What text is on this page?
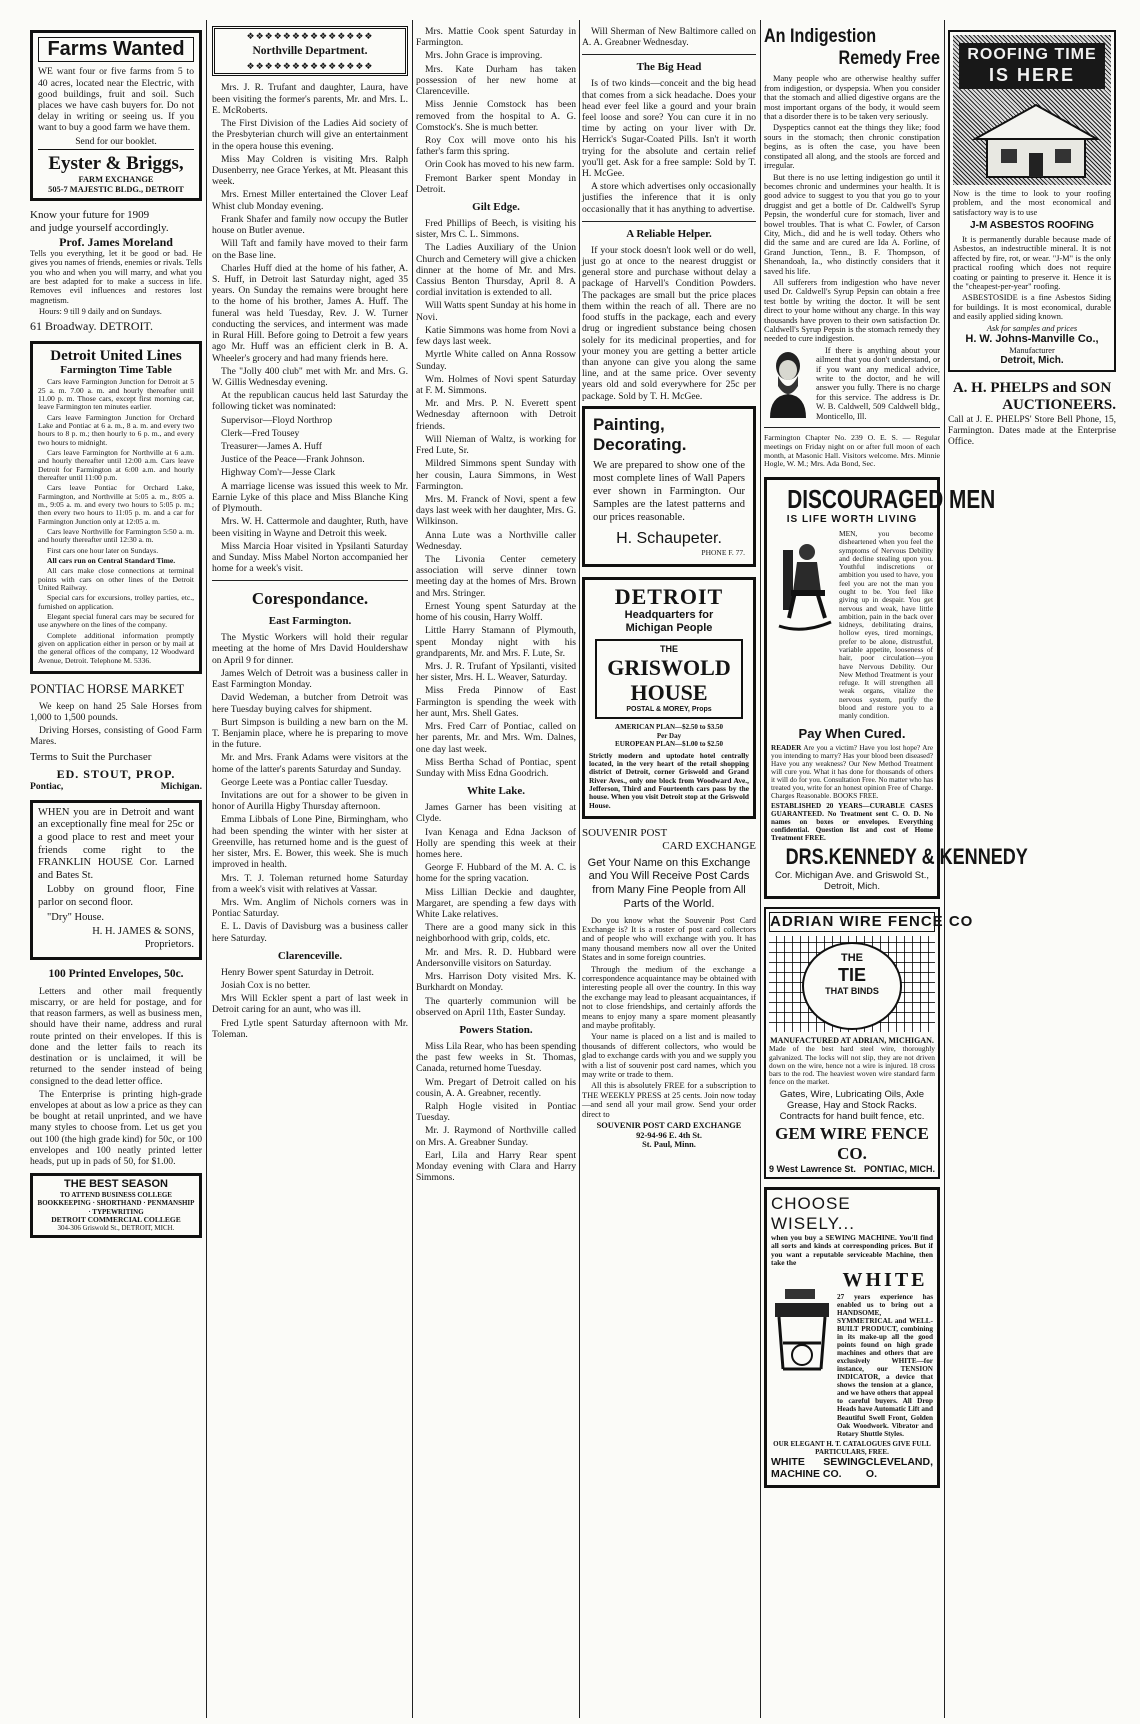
Farms Wanted

WE want four or five farms from 5 to 40 acres, located near the Electric, with good buildings, fruit and soil. Such places we have cash buyers for. Do not delay in writing or seeing us. If you want to buy a good farm we have them.

Send for our booklet.

Eyster & Briggs,
FARM EXCHANGE
505-7 MAJESTIC BLDG., DETROIT
Know your future for 1909
and judge yourself accordingly.
Prof. James Moreland

Tells you everything, let it be good or bad. He gives you names of friends, enemies or rivals. Tells you who and when you will marry, and what you are best adapted for to make a success in life. Removes evil influences and restores lost magnetism.

Hours: 9 till 9 daily and on Sundays.

61 Broadway. DETROIT.
Detroit United Lines
Farmington Time Table

Cars leave Farmington Junction for Detroit at 5 25 a. m. 7.00 a. m. and hourly thereafter until 11.00 p. m. Those cars, except first morning car, leave Farmington ten minutes earlier.

Cars leave Farmington Junction for Orchard Lake and Pontiac at 6 a. m., 8 a. m. and every two hours to 8 p. m.; then hourly to 6 p. m., and every two hours to midnight.

Cars leave Farmington for Northville at 6 a.m. and hourly thereafter until 12:00 a.m. Cars leave Detroit for Farmington at 6:00 a.m. and hourly thereafter until 11:00 p.m.

Cars leave Pontiac for Orchard Lake, Farmington, and Northville at 5:05 a. m., 8:05 a. m., 9:05 a. m. and every two hours to 5:05 p. m.; then every two hours to 11:05 p. m. and a car for Farmington Junction only at 12:05 a. m.

Cars leave Northville for Farmington 5:50 a. m. and hourly thereafter until 12:30 a. m.

First cars one hour later on Sundays.

All cars run on Central Standard Time.

All cars make close connections at terminal points with cars on other lines of the Detroit United Railway.

Special cars for excursions, trolley parties, etc., furnished on application.

Elegant special funeral cars may be secured for use anywhere on the lines of the company.

Complete additional information promptly given on application either in person or by mail at the general offices of the company, 12 Woodward Avenue, Detroit. Telephone M. 5336.

PONTIAC HORSE MARKET

We keep on hand 25 Sale Horses from 1,000 to 1,500 pounds.

Driving Horses, consisting of Good Farm Mares.

Terms to Suit the Purchaser
ED. STOUT, PROP.
Pontiac,	Michigan.

WHEN you are in Detroit and want an exceptionally fine meal for 25c or a good place to rest and meet your friends come right to the FRANKLIN HOUSE Cor. Larned and Bates St.

Lobby on ground floor, Fine parlor on second floor.

"Dry" House.

H. H. JAMES & SONS, Proprietors.

100 Printed Envelopes, 50c.

Letters and other mail frequently miscarry, or are held for postage, and for that reason farmers, as well as business men, should have their name, address and rural route printed on their envelopes. If this is done and the letter fails to reach its destination or is unclaimed, it will be returned to the sender instead of being consigned to the dead letter office.

The Enterprise is printing high-grade envelopes at about as low a price as they can be bought at retail unprinted, and we have many styles to choose from. Let us get you out 100 (the high grade kind) for 50c, or 100 envelopes and 100 neatly printed letter heads, put up in pads of 50, for $1.00.

THE BEST SEASON
TO ATTEND BUSINESS COLLEGE
BOOKKEEPING · SHORTHAND · PENMANSHIP · TYPEWRITING
DETROIT COMMERCIAL COLLEGE
304-306 Griswold St., DETROIT, MICH.
❖❖❖❖❖❖❖❖❖❖❖❖❖❖
Northville Department.
❖❖❖❖❖❖❖❖❖❖❖❖❖❖

Mrs. J. R. Trufant and daughter, Laura, have been visiting the former's parents, Mr. and Mrs. L. E. McRoberts.

The First Division of the Ladies Aid society of the Presbyterian church will give an entertainment in the opera house this evening.

Miss May Coldren is visiting Mrs. Ralph Dusenberry, nee Grace Yerkes, at Mt. Pleasant this week.

Mrs. Ernest Miller entertained the Clover Leaf Whist club Monday evening.

Frank Shafer and family now occupy the Butler house on Butler avenue.

Will Taft and family have moved to their farm on the Base line.

Charles Huff died at the home of his father, A. S. Huff, in Detroit last Saturday night, aged 35 years. On Sunday the remains were brought here to the home of his brother, James A. Huff. The funeral was held Tuesday, Rev. J. W. Turner conducting the services, and interment was made in Rural Hill. Before going to Detroit a few years ago Mr. Huff was an efficient clerk in B. A. Wheeler's grocery and had many friends here.

The "Jolly 400 club" met with Mr. and Mrs. G. W. Gillis Wednesday evening.

At the republican caucus held last Saturday the following ticket was nominated:

Supervisor—Floyd Northrop

Clerk—Fred Tousey

Treasurer—James A. Huff

Justice of the Peace—Frank Johnson.

Highway Com'r—Jesse Clark

A marriage license was issued this week to Mr. Earnie Lyke of this place and Miss Blanche King of Plymouth.

Mrs. W. H. Cattermole and daughter, Ruth, have been visiting in Wayne and Detroit this week.

Miss Marcia Hoar visited in Ypsilanti Saturday and Sunday. Miss Mabel Norton accompanied her home for a week's visit.

Corespondance.
East Farmington.

The Mystic Workers will hold their regular meeting at the home of Mrs David Houldershaw on April 9 for dinner.

James Welch of Detroit was a business caller in East Farmington Monday.

David Wedeman, a butcher from Detroit was here Tuesday buying calves for shipment.

Burt Simpson is building a new barn on the M. T. Benjamin place, where he is preparing to move in the future.

Mr. and Mrs. Frank Adams were visitors at the home of the latter's parents Saturday and Sunday.

George Leete was a Pontiac caller Tuesday.

Invitations are out for a shower to be given in honor of Aurilla Higby Thursday afternoon.

Emma Libbals of Lone Pine, Birmingham, who had been spending the winter with her sister at Greenville, has returned home and is the guest of her sister, Mrs. E. Bower, this week. She is much improved in health.

Mrs. T. J. Toleman returned home Saturday from a week's visit with relatives at Vassar.

Mrs. Wm. Anglim of Nichols corners was in Pontiac Saturday.

E. L. Davis of Davisburg was a business caller here Saturday.

Clarenceville.

Henry Bower spent Saturday in Detroit.

Josiah Cox is no better.

Mrs Will Eckler spent a part of last week in Detroit caring for an aunt, who was ill.

Fred Lytle spent Saturday afternoon with Mr. Toleman.

Mrs. Mattie Cook spent Saturday in Farmington.

Mrs. John Grace is improving.

Mrs. Kate Durham has taken possession of her new home at Clarenceville.

Miss Jennie Comstock has been removed from the hospital to A. G. Comstock's. She is much better.

Roy Cox will move onto his his father's farm this spring.

Orin Cook has moved to his new farm.

Fremont Barker spent Monday in Detroit.

Gilt Edge.

Fred Phillips of Beech, is visiting his sister, Mrs C. L. Simmons.

The Ladies Auxiliary of the Union Church and Cemetery will give a chicken dinner at the home of Mr. and Mrs. Cassius Benton Thursday, April 8. A cordial invitation is extended to all.

Will Watts spent Sunday at his home in Novi.

Katie Simmons was home from Novi a few days last week.

Myrtle White called on Anna Rossow Sunday.

Wm. Holmes of Novi spent Saturday at F. M. Simmons.

Mr. and Mrs. P. N. Everett spent Wednesday afternoon with Detroit friends.

Will Nieman of Waltz, is working for Fred Lute, Sr.

Mildred Simmons spent Sunday with her cousin, Laura Simmons, in West Farmington.

Mrs. M. Franck of Novi, spent a few days last week with her daughter, Mrs. G. Wilkinson.

Anna Lute was a Northville caller Wednesday.

The Livonia Center cemetery association will serve dinner town meeting day at the homes of Mrs. Brown and Mrs. Stringer.

Ernest Young spent Saturday at the home of his cousin, Harry Wolff.

Little Harry Stamann of Plymouth, spent Monday night with his grandparents, Mr. and Mrs. F. Lute, Sr.

Mrs. J. R. Trufant of Ypsilanti, visited her sister, Mrs. H. L. Weaver, Saturday.

Miss Freda Pinnow of East Farmington is spending the week with her aunt, Mrs. Shell Gates.

Mrs. Fred Carr of Pontiac, called on her parents, Mr. and Mrs. Wm. Dalnes, one day last week.

Miss Bertha Schad of Pontiac, spent Sunday with Miss Edna Goodrich.

White Lake.

James Garner has been visiting at Clyde.

Ivan Kenaga and Edna Jackson of Holly are spending this week at their homes here.

George F. Hubbard of the M. A. C. is home for the spring vacation.

Miss Lillian Deckie and daughter, Margaret, are spending a few days with White Lake relatives.

There are a good many sick in this neighborhood with grip, colds, etc.

Mr. and Mrs. R. D. Hubbard were Andersonville visitors on Saturday.

Mrs. Harrison Doty visited Mrs. K. Burkhardt on Monday.

The quarterly communion will be observed on April 11th, Easter Sunday.

Powers Station.

Miss Lila Rear, who has been spending the past few weeks in St. Thomas, Canada, returned home Tuesday.

Wm. Pregart of Detroit called on his cousin, A. A. Greabner, recently.

Ralph Hogle visited in Pontiac Tuesday.

Mr. J. Raymond of Northville called on Mrs. A. Greabner Sunday.

Earl, Lila and Harry Rear spent Monday evening with Clara and Harry Simmons.

Will Sherman of New Baltimore called on A. A. Greabner Wednesday.

The Big Head

Is of two kinds—conceit and the big head that comes from a sick headache. Does your head ever feel like a gourd and your brain feel loose and sore? You can cure it in no time by acting on your liver with Dr. Herrick's Sugar-Coated Pills. Isn't it worth trying for the absolute and certain relief you'll get. Ask for a free sample: Sold by T. H. McGee.

A store which advertises only occasionally justifies the inference that it is only occasionally that it has anything to advertise.

A Reliable Helper.

If your stock doesn't look well or do well, just go at once to the nearest druggist or general store and purchase without delay a package of Harvell's Condition Powders. The packages are small but the price places them within the reach of all. There are no food stuffs in the package, each and every drug or ingredient substance being chosen solely for its medicinal properties, and for your money you are getting a better article than anyone can give you along the same line, and at the same price. Over seventy years old and sold everywhere for 25c per package. Sold by T. H. McGee.

Painting,
Decorating.

We are prepared to show one of the most complete lines of Wall Papers ever shown in Farmington. Our Samples are the latest patterns and our prices reasonable.

H. Schaupeter.
PHONE F. 77.
DETROIT
Headquarters for
Michigan People
THE
GRISWOLD
HOUSE
POSTAL & MOREY, Props
AMERICAN PLAN—$2.50 to $3.50
Per Day
EUROPEAN PLAN—$1.00 to $2.50

Strictly modern and uptodate hotel centrally located, in the very heart of the retail shopping district of Detroit, corner Griswold and Grand River Aves., only one block from Woodward Ave., Jefferson, Third and Fourteenth cars pass by the house. When you visit Detroit stop at the Griswold House.

SOUVENIR POST
CARD EXCHANGE
Get Your Name on this Exchange and You Will Receive Post Cards from Many Fine People from All Parts of the World.

Do you know what the Souvenir Post Card Exchange is? It is a roster of post card collectors and of people who will exchange with you. It has many thousand members now all over the United States and in some foreign countries.

Through the medium of the exchange a correspondence acquaintance may be obtained with interesting people all over the country. In this way the exchange may lead to pleasant acquaintances, if not to close friendships, and certainly affords the means to enjoy many a spare moment pleasantly and maybe profitably.

Your name is placed on a list and is mailed to thousands of different collectors, who would be glad to exchange cards with you and we supply you with a list of souvenir post card names, which you may write or trade to them.

All this is absolutely FREE for a subscription to THE WEEKLY PRESS at 25 cents. Join now today—and send all your mail grow. Send your order direct to

SOUVENIR POST CARD EXCHANGE
92-94-96 E. 4th St.
St. Paul, Minn.
An Indigestion
Remedy Free

Many people who are otherwise healthy suffer from indigestion, or dyspepsia. When you consider that the stomach and allied digestive organs are the most important organs of the body, it would seem that a disorder there is to be taken very seriously.

Dyspeptics cannot eat the things they like; food sours in the stomach; then chronic constipation begins, as is often the case, you have been constipated all along, and the stools are forced and irregular.

But there is no use letting indigestion go until it becomes chronic and undermines your health. It is good advice to suggest to you that you go to your druggist and get a bottle of Dr. Caldwell's Syrup Pepsin, the wonderful cure for stomach, liver and bowel troubles. That is what C. Fowler, of Carson City, Mich., did and he is well today. Others who did the same and are cured are Ida A. Forline, of Grand Junction, Tenn., B. F. Thompson, of Shenandoah, Ia., who distinctly considers that it saved his life.

All sufferers from indigestion who have never used Dr. Caldwell's Syrup Pepsin can obtain a free test bottle by writing the doctor. It will be sent direct to your home without any charge. In this way thousands have proven to their own satisfaction Dr. Caldwell's Syrup Pepsin is the stomach remedy they needed to cure indigestion.

If there is anything about your ailment that you don't understand, or if you want any medical advice, write to the doctor, and he will answer you fully. There is no charge for this service. The address is Dr. W. B. Caldwell, 509 Caldwell bldg., Monticello, Ill.

Farmington Chapter No. 239 O. E. S. — Regular meetings on Friday night on or after full moon of each month, at Masonic Hall. Visitors welcome. Mrs. Minnie Hogle, W. M.; Mrs. Ada Bond, Sec.

DISCOURAGED MEN
IS LIFE WORTH LIVING

MEN, you become disheartened when you feel the symptoms of Nervous Debility and decline stealing upon you. Youthful indiscretions or ambition you used to have, you feel you are not the man you ought to be. You feel like giving up in despair. You get nervous and weak, have little ambition, pain in the back over kidneys, debilitating drains, hollow eyes, tired mornings, prefer to be alone, distrustful, variable appetite, looseness of hair, poor circulation—you have Nervous Debility. Our New Method Treatment is your refuge. It will strengthen all weak organs, vitalize the nervous system, purify the blood and restore you to a manly condition.

Pay When Cured.

READER Are you a victim? Have you lost hope? Are you intending to marry? Has your blood been diseased? Have you any weakness? Our New Method Treatment will cure you. What it has done for thousands of others it will do for you. Consultation Free. No matter who has treated you, write for an honest opinion Free of Charge. Charges Reasonable. BOOKS FREE.

ESTABLISHED 20 YEARS—CURABLE CASES GUARANTEED. No Treatment sent C. O. D. No names on boxes or envelopes. Everything confidential. Question list and cost of Home Treatment FREE.

DRS.KENNEDY & KENNEDY
Cor. Michigan Ave. and Griswold St., Detroit, Mich.
ADRIAN WIRE FENCE CO
THE
TIE
THAT BINDS
MANUFACTURED AT ADRIAN, MICHIGAN.

Made of the best hard steel wire, thoroughly galvanized. The locks will not slip, they are not driven down on the wire, hence not a wire is injured. 18 cross bars to the rod. The heaviest woven wire standard farm fence on the market.

Gates, Wire, Lubricating Oils, Axle Grease, Hay and Stock Racks. Contracts for hand built fence, etc.

GEM WIRE FENCE CO.
9 West Lawrence St. PONTIAC, MICH.
CHOOSE WISELY...

when you buy a SEWING MACHINE. You'll find all sorts and kinds at corresponding prices. But if you want a reputable serviceable Machine, then take the

WHITE

27 years experience has enabled us to bring out a HANDSOME, SYMMETRICAL and WELL-BUILT PRODUCT, combining in its make-up all the good points found on high grade machines and others that are exclusively WHITE—for instance, our TENSION INDICATOR, a device that shows the tension at a glance, and we have others that appeal to careful buyers. All Drop Heads have Automatic Lift and Beautiful Swell Front, Golden Oak Woodwork. Vibrator and Rotary Shuttle Styles.

OUR ELEGANT H. T. CATALOGUES GIVE FULL PARTICULARS, FREE.
WHITE SEWING MACHINE CO.
CLEVELAND, O.
ROOFING TIME
IS HERE

Now is the time to look to your roofing problem, and the most economical and satisfactory way is to use

J-M ASBESTOS ROOFING

It is permanently durable because made of Asbestos, an indestructible mineral. It is not affected by fire, rot, or wear. "J-M" is the only practical roofing which does not require coating or painting to preserve it. Hence it is the "cheapest-per-year" roofing.

ASBESTOSIDE is a fine Asbestos Siding for buildings. It is most economical, durable and easily applied siding known.

Ask for samples and prices
H. W. Johns-Manville Co.,
Manufacturer
Detroit, Mich.
A. H. PHELPS and SON
AUCTIONEERS.

Call at J. E. PHELPS' Store Bell Phone, 15, Farmington. Dates made at the Enterprise Office.
